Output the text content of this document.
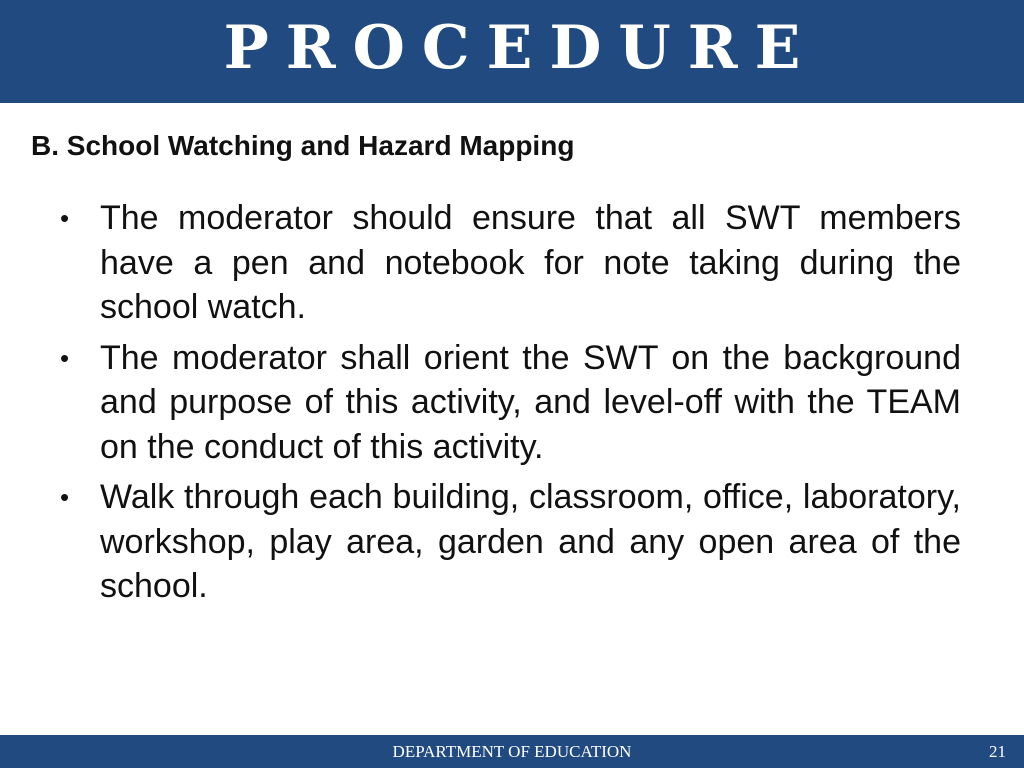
PROCEDURE
B. School Watching and Hazard Mapping
• The moderator should ensure that all SWT members have a pen and notebook for note taking during the school watch.
• The moderator shall orient the SWT on the background and purpose of this activity, and level-off with the TEAM on the conduct of this activity.
• Walk through each building, classroom, office, laboratory, workshop, play area, garden and any open area of the school.
DEPARTMENT OF EDUCATION	21
